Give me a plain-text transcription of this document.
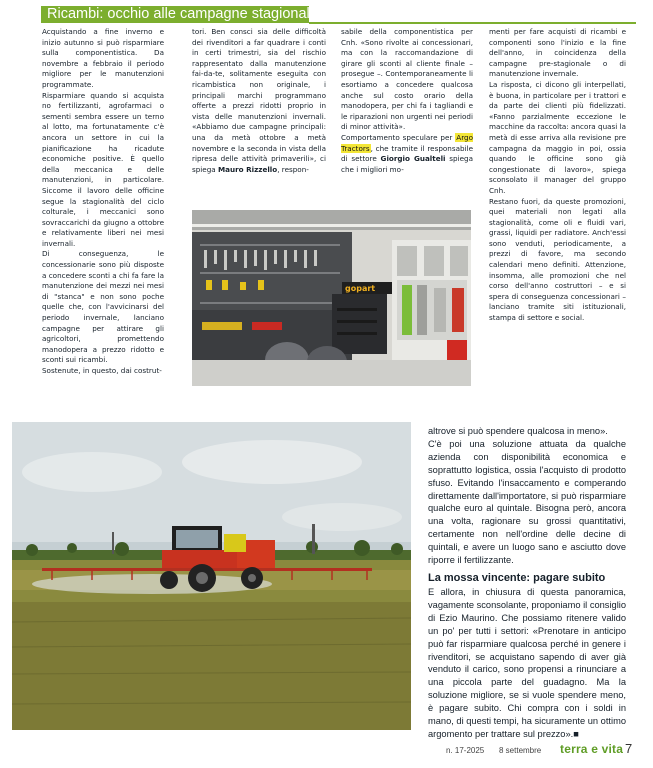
Ricambi: occhio alle campagne stagionali

Acquistando a fine inverno e inizio autunno si può risparmiare sulla componentistica. Da novembre a febbraio il periodo migliore per le manutenzioni programmate.

Risparmiare quando si acquista no fertilizzanti, agrofarmaci o sementi sembra essere un terno al lotto, ma fortunatamente c'è ancora un settore in cui la pianificazione ha ricadute economiche positive. È quello della meccanica e delle manutenzioni, in particolare. Siccome il lavoro delle officine segue la stagionalità del ciclo colturale, i meccanici sono sovraccarichi da giugno a ottobre e relativamente liberi nei mesi invernali.

Di conseguenza, le concessionarie sono più disposte a concedere sconti a chi fa fare la manutenzione dei mezzi nei mesi di "stanca" e non sono poche quelle che, con l'avvicinarsi del periodo invernale, lanciano campagne per attirare gli agricoltori, promettendo manodopera a prezzo ridotto e sconti sui ricambi.

Sostenute, in questo, dai costrut-

tori. Ben consci sia delle difficoltà dei rivenditori a far quadrare i conti in certi trimestri, sia del rischio rappresentato dalla manutenzione fai-da-te, solitamente eseguita con ricambistica non originale, i principali marchi programmano offerte a prezzi ridotti proprio in vista delle manutenzioni invernali. «Abbiamo due campagne principali: una da metà ottobre a metà novembre e la seconda in vista della ripresa delle attività primaverili», ci spiega Mauro Rizzello, respon-

sabile della componentistica per Cnh. «Sono rivolte ai concessionari, ma con la raccomandazione di girare gli sconti al cliente finale – prosegue –. Contemporaneamente li esortiamo a concedere qualcosa anche sul costo orario della manodopera, per chi fa i tagliandi e le riparazioni non urgenti nei periodi di minor attività».

Comportamento speculare per Argo Tractors, che tramite il responsabile di settore Giorgio Gualteli spiega che i migliori mo-

menti per fare acquisti di ricambi e componenti sono l'inizio e la fine dell'anno, in coincidenza della campagne pre-stagionale o di manutenzione invernale.

La risposta, ci dicono gli interpellati, è buona, in particolare per i trattori e da parte dei clienti più fidelizzati. «Fanno parzialmente eccezione le macchine da raccolta: ancora quasi la metà di esse arriva alla revisione pre campagna da maggio in poi, ossia quando le officine sono già congestionate di lavoro», spiega sconsolato il manager del gruppo Cnh.

Restano fuori, da queste promozioni, quei materiali non legati alla stagionalità, come oli e fluidi vari, grassi, liquidi per radiatore. Anch'essi sono venduti, periodicamente, a prezzi di favore, ma secondo calendari meno definiti. Attenzione, insomma, alle promozioni che nel corso dell'anno costruttori – e si spera di conseguenza concessionari – lanciano tramite siti istituzionali, stampa di settore e social.

gopart

altrove si può spendere qualcosa in meno».

C'è poi una soluzione attuata da qualche azienda con disponibilità economica e soprattutto logistica, ossia l'acquisto di prodotto sfuso. Evitando l'insaccamento e comperando direttamente dall'importatore, si può risparmiare qualche euro al quintale. Bisogna però, ancora una volta, ragionare su grossi quantitativi, certamente non nell'ordine delle decine di quintali, e avere un luogo sano e asciutto dove riporre il fertilizzante.

La mossa vincente: pagare subito

E allora, in chiusura di questa panoramica, vagamente sconsolante, proponiamo il consiglio di Ezio Maurino. Che possiamo ritenere valido un po' per tutti i settori: «Prenotare in anticipo può far risparmiare qualcosa perché in genere i rivenditori, se acquistano sapendo di aver già venduto il carico, sono propensi a rinunciare a una piccola parte del guadagno. Ma la soluzione migliore, se si vuole spendere meno, è pagare subito. Chi compra con i soldi in mano, di questi tempi, ha sicuramente un ottimo argomento per trattare sul prezzo».■

n. 17-2025 8 settembre terra e vita 7
